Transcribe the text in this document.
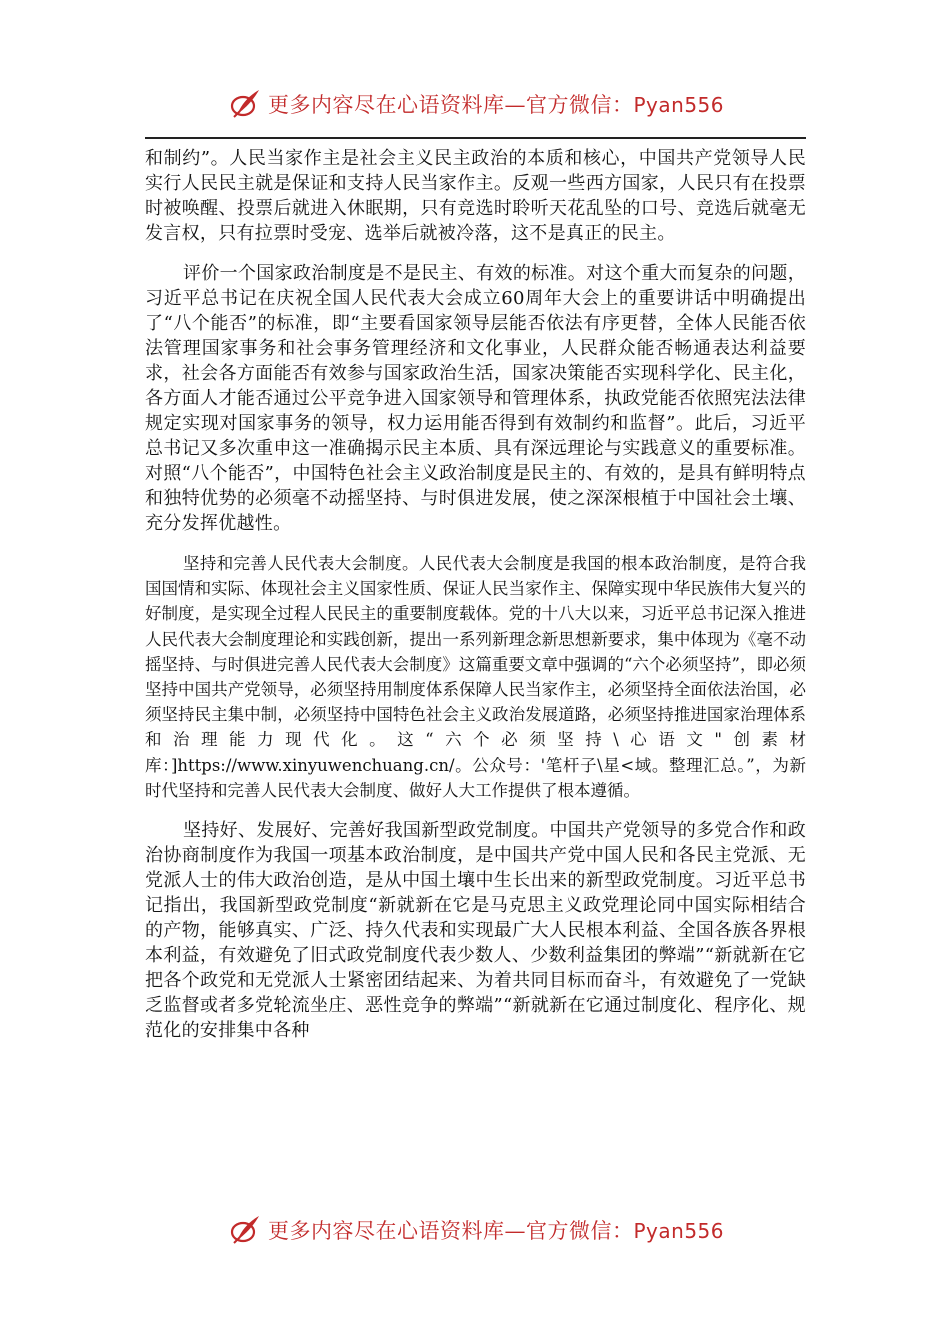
更多内容尽在心语资料库—官方微信：Pyan556

和制约”。人民当家作主是社会主义民主政治的本质和核心，中国共产党领导人民实行人民民主就是保证和支持人民当家作主。反观一些西方国家，人民只有在投票时被唤醒、投票后就进入休眠期，只有竞选时聆听天花乱坠的口号、竞选后就毫无发言权，只有拉票时受宠、选举后就被冷落，这不是真正的民主。

评价一个国家政治制度是不是民主、有效的标准。对这个重大而复杂的问题，习近平总书记在庆祝全国人民代表大会成立60周年大会上的重要讲话中明确提出了“八个能否”的标准，即“主要看国家领导层能否依法有序更替，全体人民能否依法管理国家事务和社会事务管理经济和文化事业，人民群众能否畅通表达利益要求，社会各方面能否有效参与国家政治生活，国家决策能否实现科学化、民主化，各方面人才能否通过公平竞争进入国家领导和管理体系，执政党能否依照宪法法律规定实现对国家事务的领导，权力运用能否得到有效制约和监督”。此后，习近平总书记又多次重申这一准确揭示民主本质、具有深远理论与实践意义的重要标准。对照“八个能否”，中国特色社会主义政治制度是民主的、有效的，是具有鲜明特点和独特优势的必须毫不动摇坚持、与时俱进发展，使之深深根植于中国社会土壤、充分发挥优越性。

坚持和完善人民代表大会制度。人民代表大会制度是我国的根本政治制度，是符合我国国情和实际、体现社会主义国家性质、保证人民当家作主、保障实现中华民族伟大复兴的好制度，是实现全过程人民民主的重要制度载体。党的十八大以来，习近平总书记深入推进人民代表大会制度理论和实践创新，提出一系列新理念新思想新要求，集中体现为《毫不动摇坚持、与时俱进完善人民代表大会制度》这篇重要文章中强调的“六个必须坚持”，即必须坚持中国共产党领导，必须坚持用制度体系保障人民当家作主，必须坚持全面依法治国，必须坚持民主集中制，必须坚持中国特色社会主义政治发展道路，必须坚持推进国家治理体系和治理能力现代化。这“六个必须坚持\心语文"创素材库：]https://www.xinyuwenchuang.cn/。公众号：'笔杆子\星<域。整理汇总。”，为新时代坚持和完善人民代表大会制度、做好人大工作提供了根本遵循。

坚持好、发展好、完善好我国新型政党制度。中国共产党领导的多党合作和政治协商制度作为我国一项基本政治制度，是中国共产党中国人民和各民主党派、无党派人士的伟大政治创造，是从中国土壤中生长出来的新型政党制度。习近平总书记指出，我国新型政党制度“新就新在它是马克思主义政党理论同中国实际相结合的产物，能够真实、广泛、持久代表和实现最广大人民根本利益、全国各族各界根本利益，有效避免了旧式政党制度代表少数人、少数利益集团的弊端”“新就新在它把各个政党和无党派人士紧密团结起来、为着共同目标而奋斗，有效避免了一党缺乏监督或者多党轮流坐庄、恶性竞争的弊端”“新就新在它通过制度化、程序化、规范化的安排集中各种

更多内容尽在心语资料库—官方微信：Pyan556
